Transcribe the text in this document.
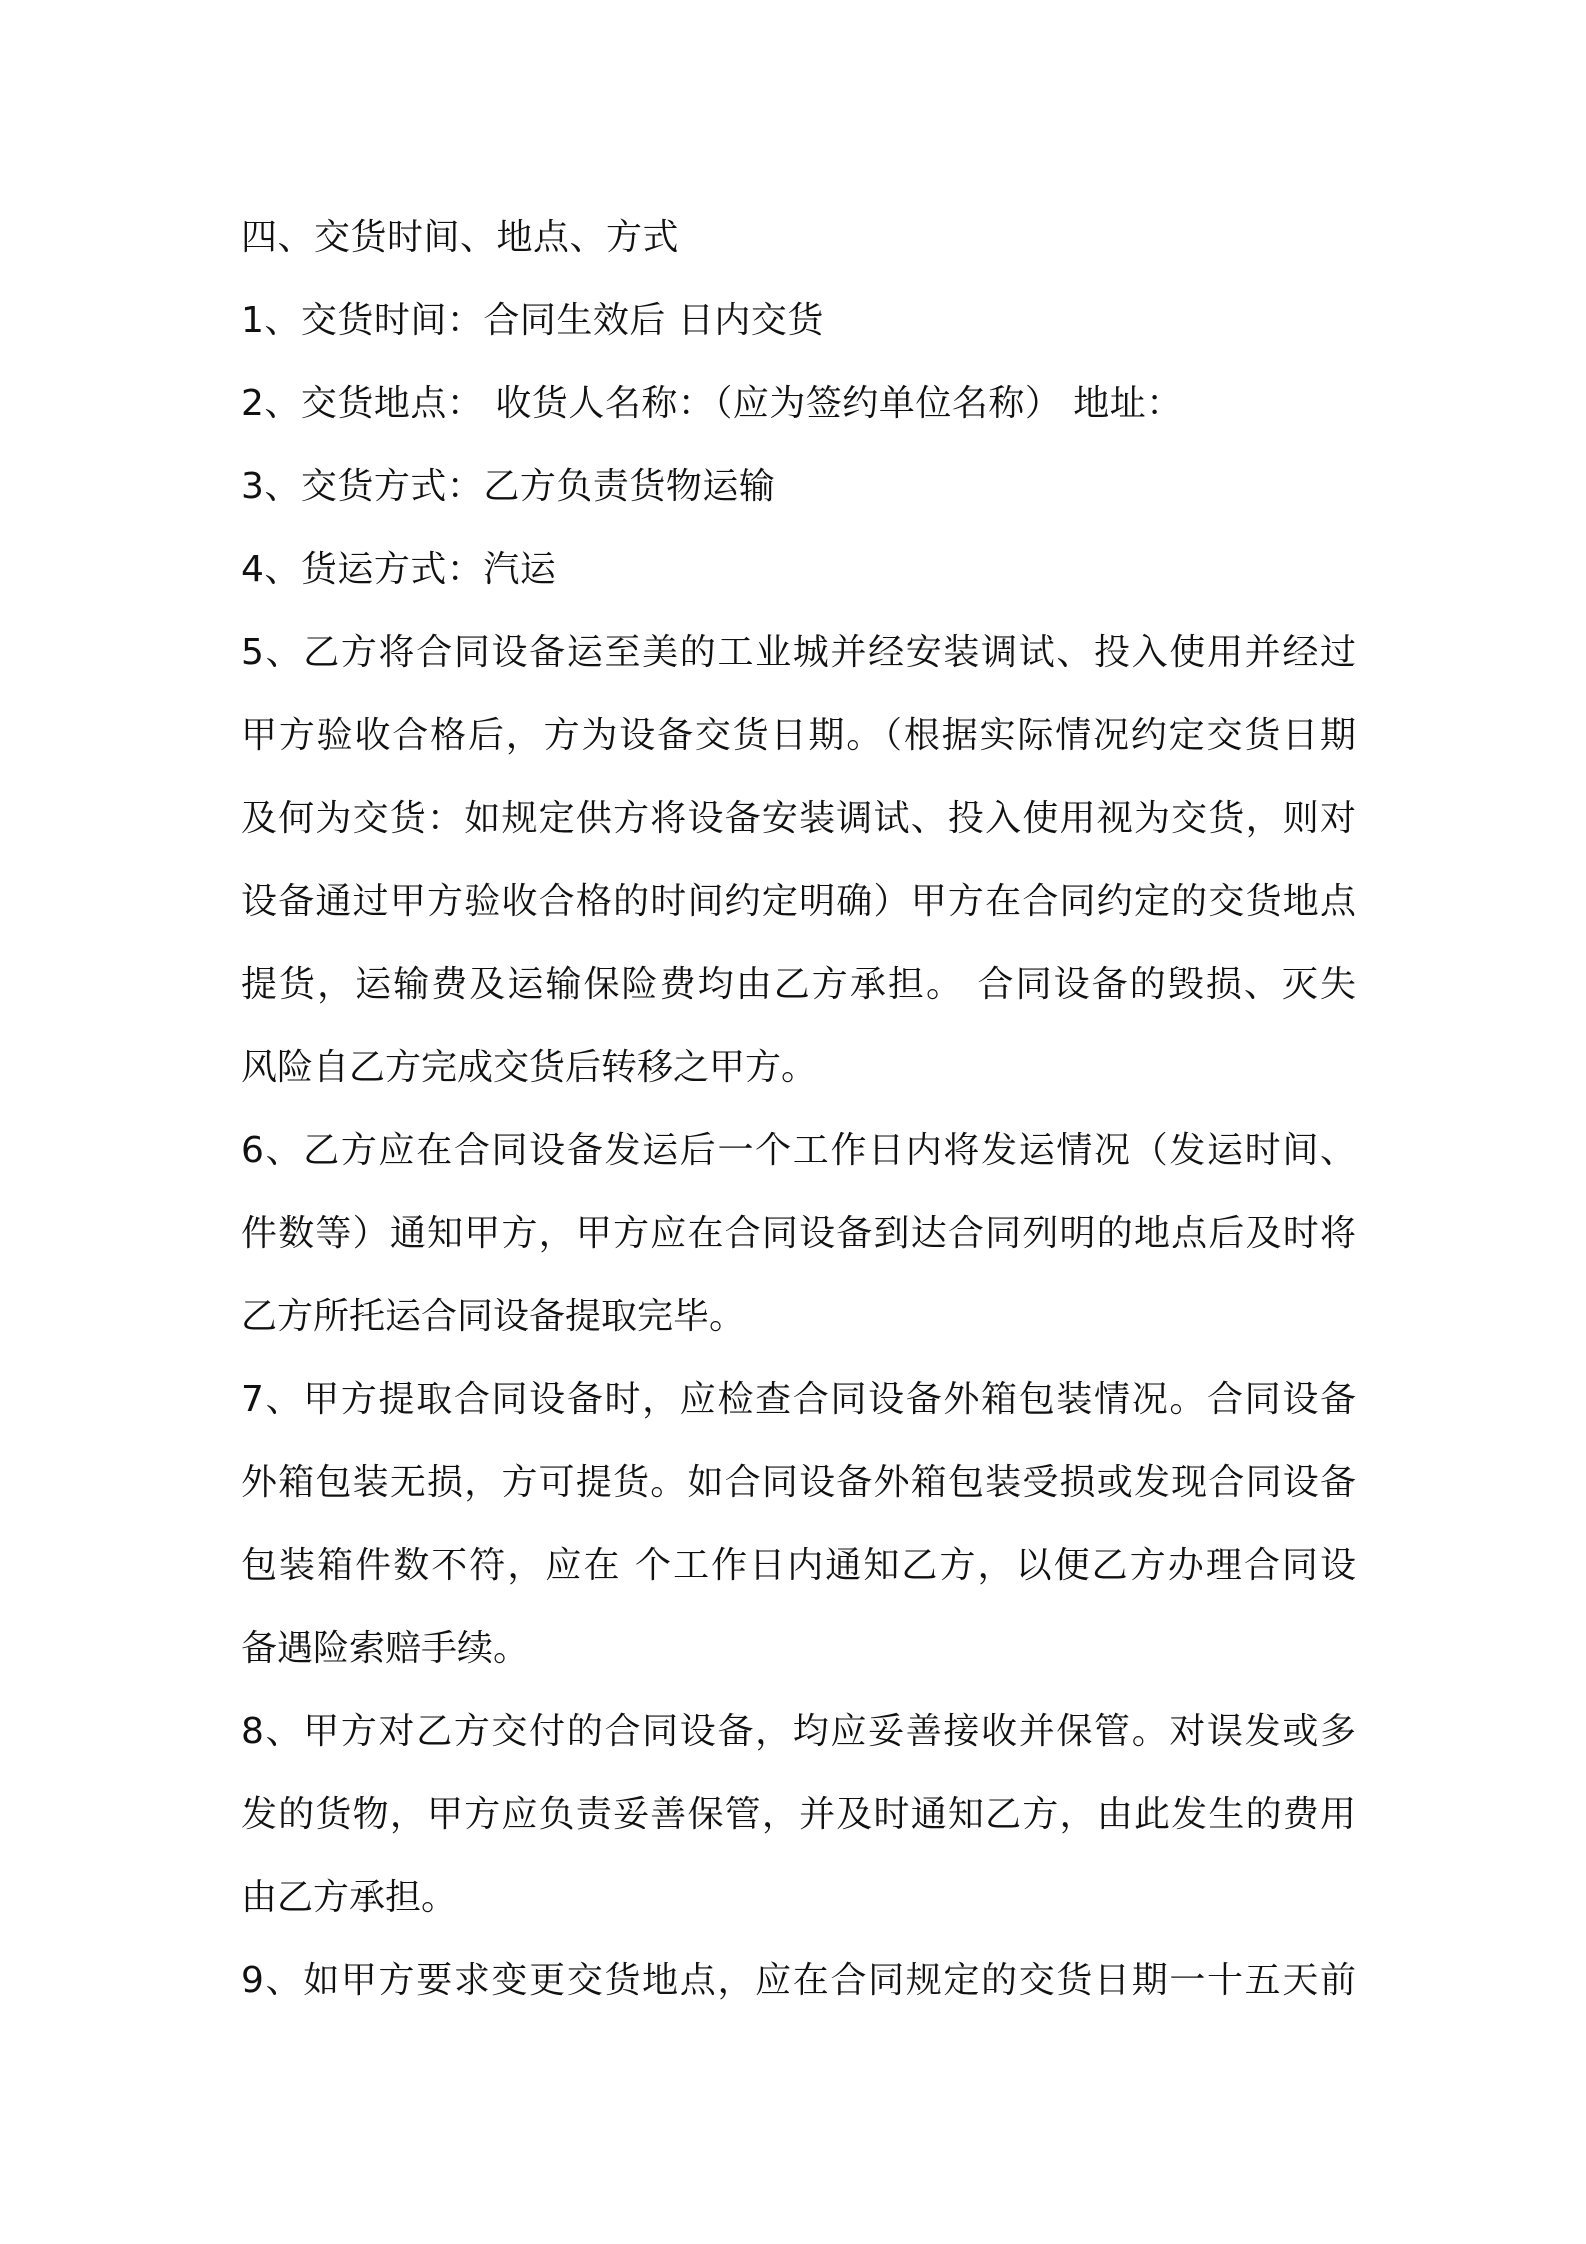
四、交货时间、地点、方式
1、交货时间：合同生效后 日内交货
2、交货地点： 收货人名称：（应为签约单位名称） 地址：
3、交货方式：乙方负责货物运输
4、货运方式：汽运
5、乙方将合同设备运至美的工业城并经安装调试、投入使用并经过
甲方验收合格后，方为设备交货日期。（根据实际情况约定交货日期
及何为交货：如规定供方将设备安装调试、投入使用视为交货，则对
设备通过甲方验收合格的时间约定明确）甲方在合同约定的交货地点
提货，运输费及运输保险费均由乙方承担。 合同设备的毁损、灭失
风险自乙方完成交货后转移之甲方。
6、乙方应在合同设备发运后一个工作日内将发运情况（发运时间、
件数等）通知甲方，甲方应在合同设备到达合同列明的地点后及时将
乙方所托运合同设备提取完毕。
7、甲方提取合同设备时，应检查合同设备外箱包装情况。合同设备
外箱包装无损，方可提货。如合同设备外箱包装受损或发现合同设备
包装箱件数不符，应在 个工作日内通知乙方，以便乙方办理合同设
备遇险索赔手续。
8、甲方对乙方交付的合同设备，均应妥善接收并保管。对误发或多
发的货物，甲方应负责妥善保管，并及时通知乙方，由此发生的费用
由乙方承担。
9、如甲方要求变更交货地点，应在合同规定的交货日期一十五天前
